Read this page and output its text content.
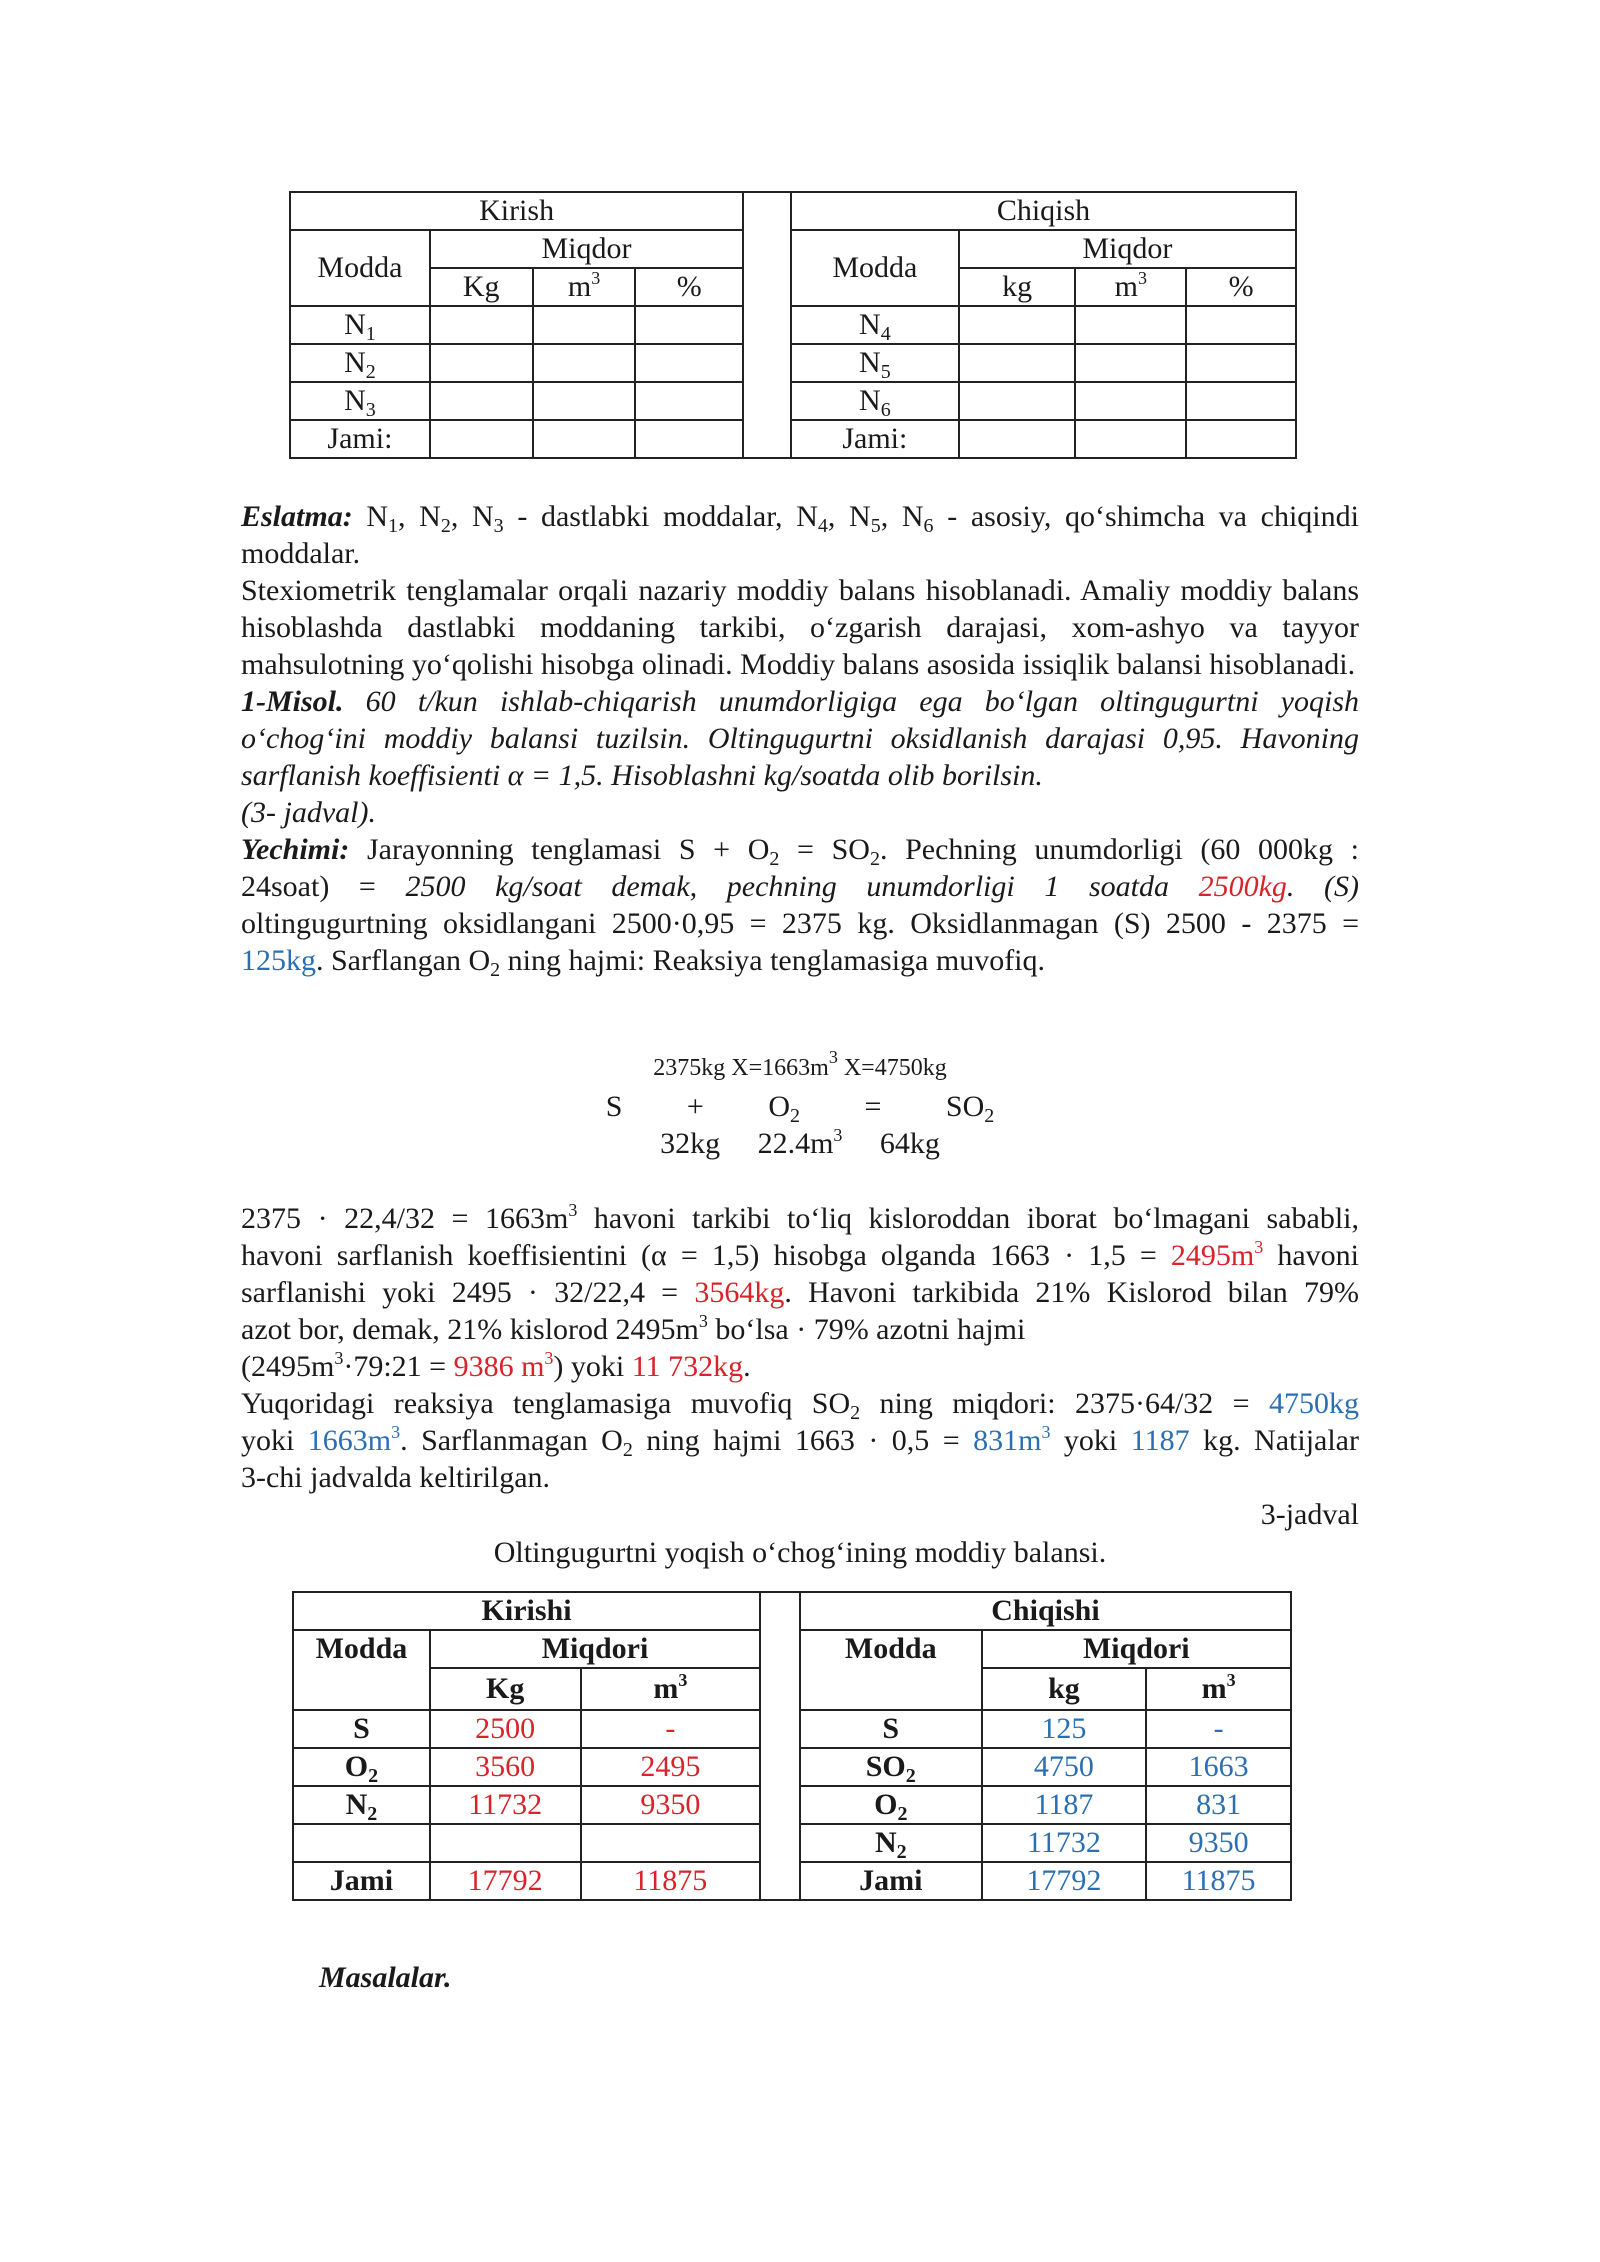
Kirish					Chiqish			
Modda	Miqdor				Modda	Miqdor		
	Kg	$m^3$	%			kg	$m^3$	%
$N_1$					$N_4$			
$N_2$					$N_5$			
$N_3$					$N_6$			
Jami:					Jami:			
Eslatma: $N_1$, $N_2$, $N_3$ - dastlabki moddalar, $N_4$, $N_5$, $N_6$ - asosiy, qo‘shimcha va chiqindi
moddalar.
Stexiometrik tenglamalar orqali nazariy moddiy balans hisoblanadi. Amaliy moddiy balans hisoblashda dastlabki moddaning tarkibi, o‘zgarish darajasi, xom-ashyo va tayyor mahsulotning yo‘qolishi hisobga olinadi. Moddiy balans asosida issiqlik balansi hisoblanadi.
1-Misol. 60 t/kun ishlab-chiqarish unumdorligiga ega bo‘lgan oltingugurtni yoqish o‘chog‘ini moddiy balansi tuzilsin. Oltingugurtni oksidlanish darajasi 0,95. Havoning sarflanish koeffisienti α = 1,5. Hisoblashni kg/soatda olib borilsin.
(3- jadval).
Yechimi: Jarayonning tenglamasi $S + O_2 = SO_2$. Pechning unumdorligi (60 000kg :
24soat) = 2500 kg/soat demak, pechning unumdorligi 1 soatda 2500kg. (S)
oltingugurtning oksidlangani 2500·0,95 = 2375 kg. Oksidlanmagan (S) 2500 - 2375 =
125kg. Sarflangan $O_2$ ning hajmi: Reaksiya tenglamasiga muvofiq.
2375kg $X=1663m^3$ X=4750kg
$S + O_2 = SO_2$
32kg $22.4m^3$ 64kg
$2375 \cdot 22,4/32 = 1663m^3$ havoni tarkibi to‘liq kisloroddan iborat bo‘lmagani sababli,
havoni sarflanish koeffisientini (α = 1,5) hisobga olganda $1663 \cdot 1,5 = 2495m^3$ havoni
sarflanishi yoki 2495 · 32/22,4 = 3564kg. Havoni tarkibida 21% Kislorod bilan 79%
azot bor, demak, 21% kislorod $2495m^3$ bo‘lsa · 79% azotni hajmi
($2495m^3\cdot 79:21 = 9386$ $m^3$) yoki 11 732kg.
Yuqoridagi reaksiya tenglamasiga muvofiq $SO_2$ ning miqdori: 2375·64/32 = 4750kg
yoki $1663m^3$. Sarflanmagan $O_2$ ning hajmi $1663 \cdot 0,5 = 831m^3$ yoki 1187 kg. Natijalar
3-chi jadvalda keltirilgan.
3-jadval
Oltingugurtni yoqish o‘chog‘ining moddiy balansi.
Kirishi				Chiqishi		
Modda	Miqdori			Modda	Miqdori	
	Kg	$m^3$			kg	$m^3$
S	2500	-		S	125	-
$O_2$	3560	2495		$SO_2$	4750	1663
$N_2$	11732	9350		$O_2$	1187	831
				$N_2$	11732	9350
Jami	17792	11875		Jami	17792	11875
Masalalar.
